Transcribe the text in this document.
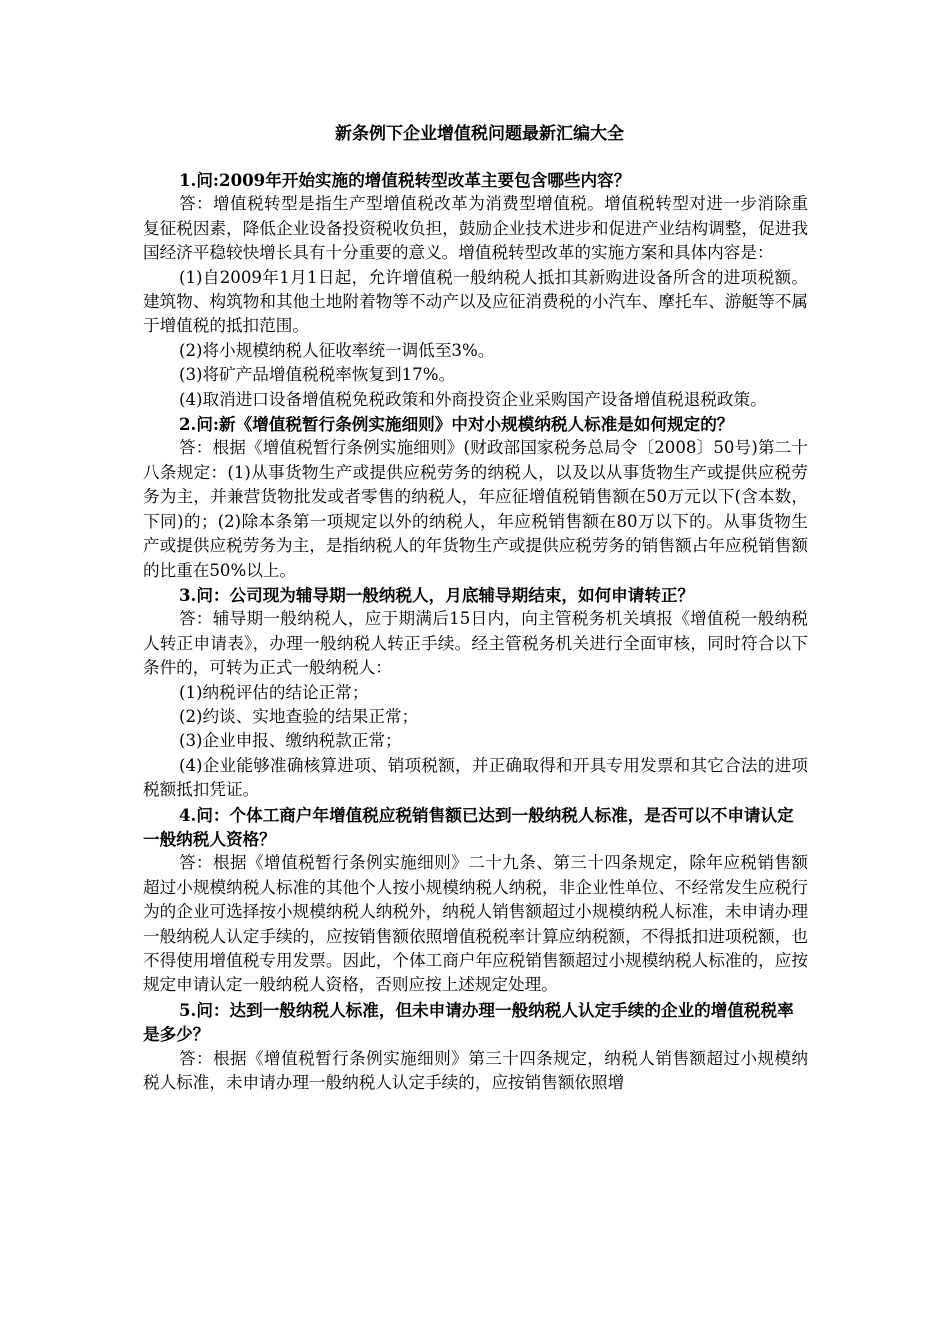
新条例下企业增值税问题最新汇编大全

1.问:2009年开始实施的增值税转型改革主要包含哪些内容？

答：增值税转型是指生产型增值税改革为消费型增值税。增值税转型对进一步消除重复征税因素，降低企业设备投资税收负担，鼓励企业技术进步和促进产业结构调整，促进我国经济平稳较快增长具有十分重要的意义。增值税转型改革的实施方案和具体内容是：

(1)自2009年1月1日起，允许增值税一般纳税人抵扣其新购进设备所含的进项税额。建筑物、构筑物和其他土地附着物等不动产以及应征消费税的小汽车、摩托车、游艇等不属于增值税的抵扣范围。

(2)将小规模纳税人征收率统一调低至3%。

(3)将矿产品增值税税率恢复到17%。

(4)取消进口设备增值税免税政策和外商投资企业采购国产设备增值税退税政策。

2.问:新《增值税暂行条例实施细则》中对小规模纳税人标准是如何规定的？

答：根据《增值税暂行条例实施细则》(财政部国家税务总局令〔2008〕50号)第二十八条规定：(1)从事货物生产或提供应税劳务的纳税人，以及以从事货物生产或提供应税劳务为主，并兼营货物批发或者零售的纳税人，年应征增值税销售额在50万元以下(含本数，下同)的；(2)除本条第一项规定以外的纳税人，年应税销售额在80万以下的。从事货物生产或提供应税劳务为主，是指纳税人的年货物生产或提供应税劳务的销售额占年应税销售额的比重在50%以上。

3.问：公司现为辅导期一般纳税人，月底辅导期结束，如何申请转正？

答：辅导期一般纳税人，应于期满后15日内，向主管税务机关填报《增值税一般纳税人转正申请表》，办理一般纳税人转正手续。经主管税务机关进行全面审核，同时符合以下条件的，可转为正式一般纳税人：

(1)纳税评估的结论正常；

(2)约谈、实地查验的结果正常；

(3)企业申报、缴纳税款正常；

(4)企业能够准确核算进项、销项税额，并正确取得和开具专用发票和其它合法的进项税额抵扣凭证。

4.问：个体工商户年增值税应税销售额已达到一般纳税人标准，是否可以不申请认定一般纳税人资格？

答：根据《增值税暂行条例实施细则》二十九条、第三十四条规定，除年应税销售额超过小规模纳税人标准的其他个人按小规模纳税人纳税，非企业性单位、不经常发生应税行为的企业可选择按小规模纳税人纳税外，纳税人销售额超过小规模纳税人标准，未申请办理一般纳税人认定手续的，应按销售额依照增值税税率计算应纳税额，不得抵扣进项税额，也不得使用增值税专用发票。因此，个体工商户年应税销售额超过小规模纳税人标准的，应按规定申请认定一般纳税人资格，否则应按上述规定处理。

5.问：达到一般纳税人标准，但未申请办理一般纳税人认定手续的企业的增值税税率是多少？

答：根据《增值税暂行条例实施细则》第三十四条规定，纳税人销售额超过小规模纳税人标准，未申请办理一般纳税人认定手续的，应按销售额依照增
